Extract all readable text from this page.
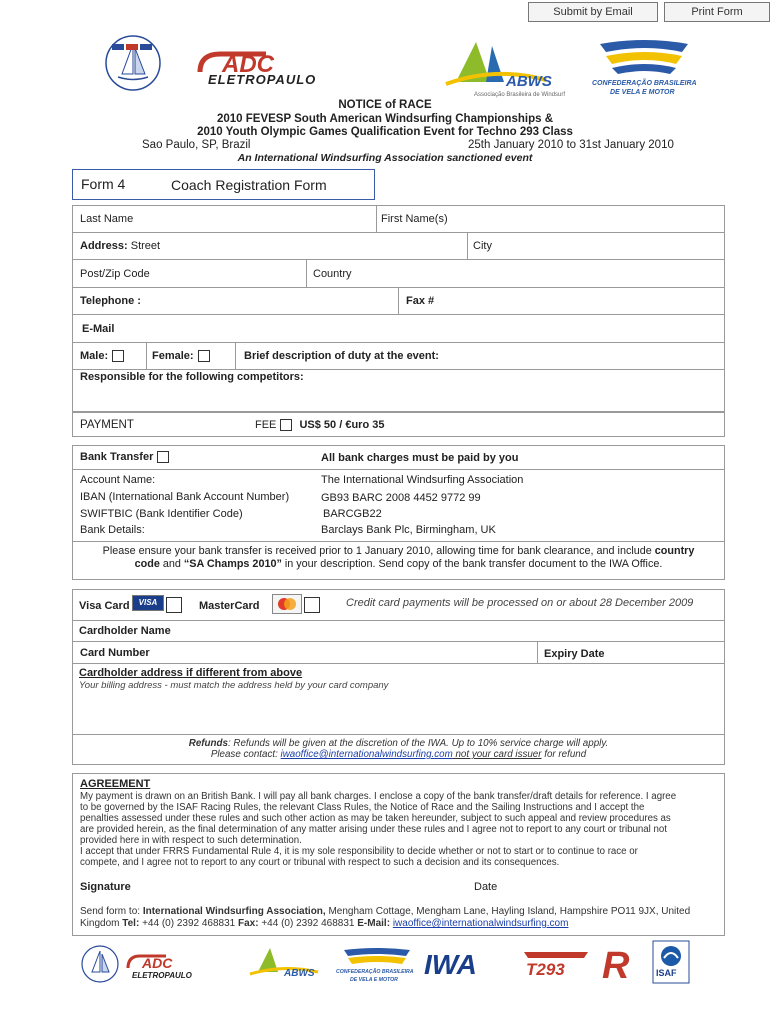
Submit by Email	Print Form
ADC
ELETROPAULO	ABWS
Associação Brasileira de Windsurf
CONFEDERAÇÃO BRASILEIRA
DE VELA E MOTOR
NOTICE of RACE
2010 FEVESP South American Windsurfing Championships &
2010 Youth Olympic Games Qualification Event for Techno 293 Class
Sao Paulo, SP, Brazil	25th January 2010 to 31st January 2010
An International Windsurfing Association sanctioned event
Form 4	Coach Registration Form
Last Name	First Name(s)
Address: Street	City
Post/Zip Code	Country
Telephone :	Fax #
E-Mail
Male:	Female:	Brief description of duty at the event:
Responsible for the following competitors:
PAYMENT	FEE US$ 50 / €uro 35
Bank Transfer	All bank charges must be paid by you
Account Name:	The International Windsurfing Association
IBAN (International Bank Account Number)	GB93 BARC 2008 4452 9772 99
SWIFTBIC (Bank Identifier Code)	BARCGB22
Bank Details:	Barclays Bank Plc, Birmingham, UK
Please ensure your bank transfer is received prior to 1 January 2010, allowing time for bank clearance, and include country
code and “SA Champs 2010” in your description. Send copy of the bank transfer document to the IWA Office.
Visa Card	VISA	MasterCard	Credit card payments will be processed on or about 28 December 2009
Cardholder Name
Card Number	Expiry Date
Cardholder address if different from above
Your billing address - must match the address held by your card company
Refunds: Refunds will be given at the discretion of the IWA. Up to 10% service charge will apply.
Please contact: iwaoffice@internationalwindsurfing.com not your card issuer for refund
AGREEMENT
My payment is drawn on an British Bank. I will pay all bank charges. I enclose a copy of the bank transfer/draft details for reference. I agree
to be governed by the ISAF Racing Rules, the relevant Class Rules, the Notice of Race and the Sailing Instructions and I accept the
penalties assessed under these rules and such other action as may be taken hereunder, subject to such appeal and review procedures as
are provided herein, as the final determination of any matter arising under these rules and I agree not to report to any court or tribunal not
provided here in with respect to such determination.
I accept that under FRRS Fundamental Rule 4, it is my sole responsibility to decide whether or not to start or to continue to race or
compete, and I agree not to report to any court or tribunal with respect to such a decision and its consequences.
Signature	Date
Send form to: International Windsurfing Association, Mengham Cottage, Mengham Lane, Hayling Island, Hampshire PO11 9JX, United
Kingdom Tel: +44 (0) 2392 468831 Fax: +44 (0) 2392 468831 E-Mail: iwaoffice@internationalwindsurfing.com
ADC
ELETROPAULO	ABWS	CONFEDERAÇÃO BRASILEIRA
DE VELA E MOTOR IWA	T293 R	ISAF
